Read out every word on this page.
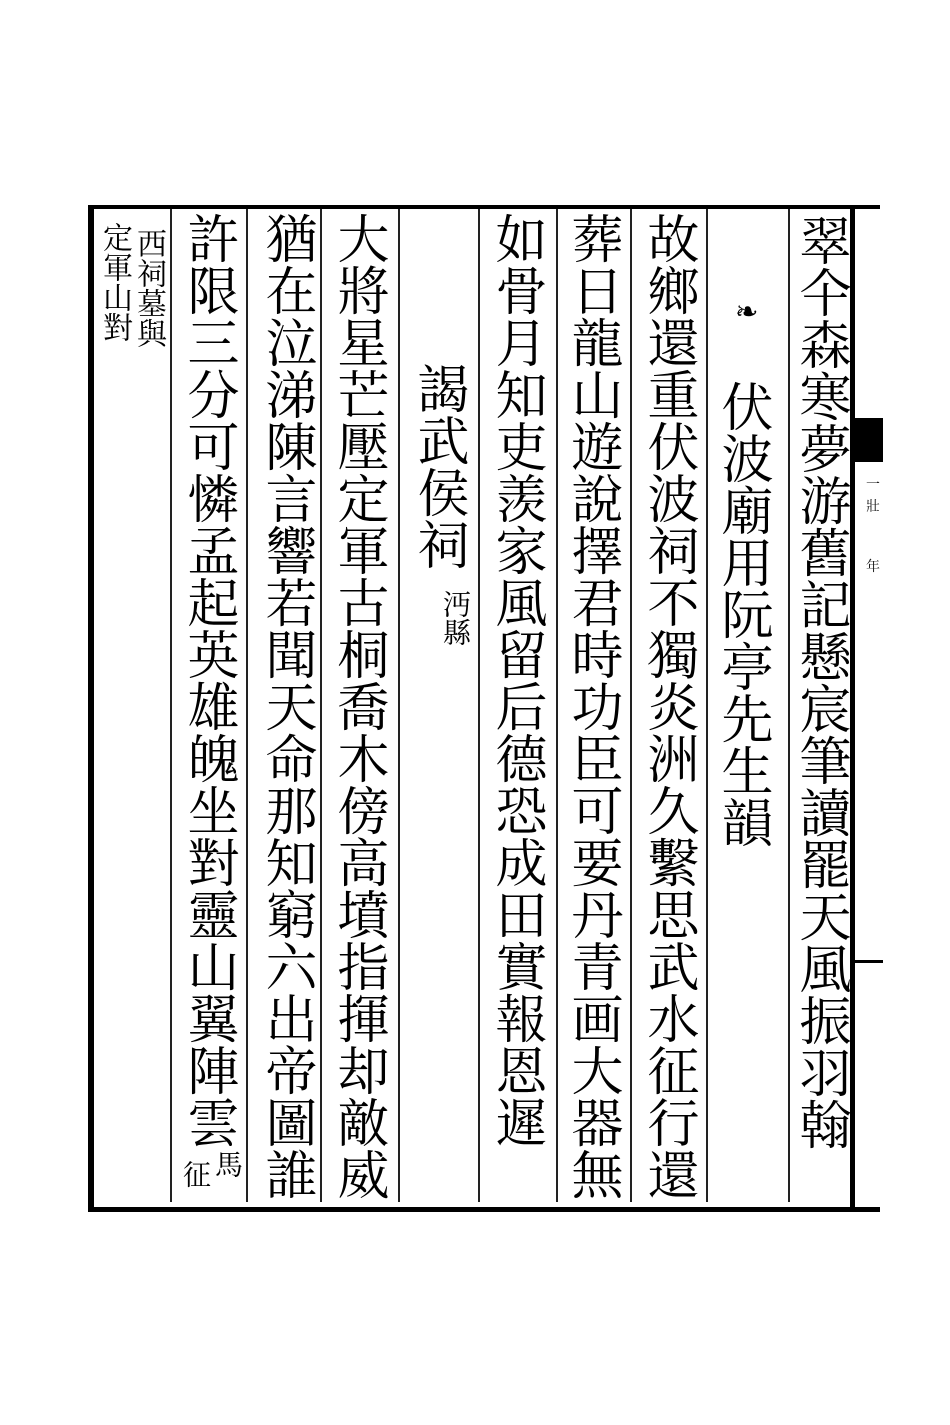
一
壯
年
❧ 翠仐森寒夢游舊記懸宸筆讀罷天風振羽翰
伏波廟用阮亭先生韻
故鄉還重伏波祠不獨炎洲久繫思武水征行還
葬日龍山遊說擇君時功臣可要丹青画大器無
如骨月知吏羡家風留后德恐成田實報恩遲
謁武侯祠
沔縣
大將星芒壓定軍古桐喬木傍高墳指揮却敵威
猶在泣涕陳言響若聞天命那知窮六出帝圖誰
許限三分可憐孟起英雄魄坐對靈山翼陣雲
馬
征
西祠墓與
定軍山對
